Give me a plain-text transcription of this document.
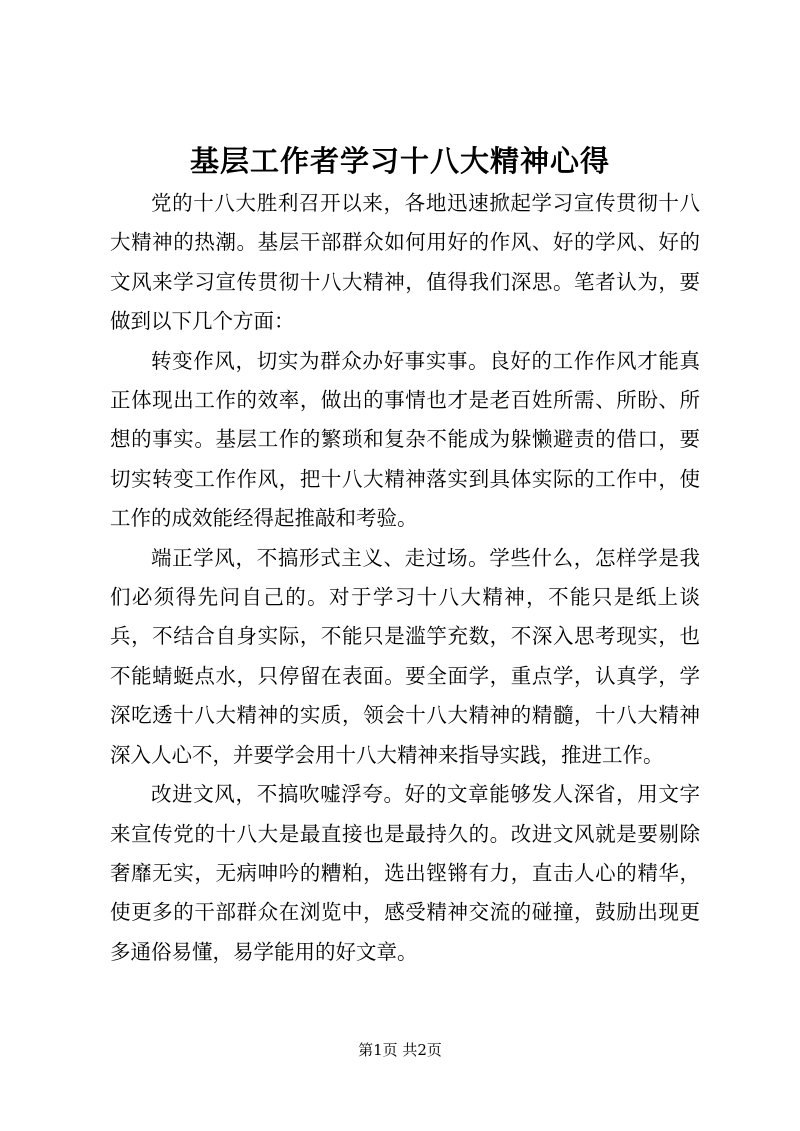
基层工作者学习十八大精神心得

党的十八大胜利召开以来，各地迅速掀起学习宣传贯彻十八大精神的热潮。基层干部群众如何用好的作风、好的学风、好的文风来学习宣传贯彻十八大精神，值得我们深思。笔者认为，要做到以下几个方面：

转变作风，切实为群众办好事实事。良好的工作作风才能真正体现出工作的效率，做出的事情也才是老百姓所需、所盼、所想的事实。基层工作的繁琐和复杂不能成为躲懒避责的借口，要切实转变工作作风，把十八大精神落实到具体实际的工作中，使工作的成效能经得起推敲和考验。

端正学风，不搞形式主义、走过场。学些什么，怎样学是我们必须得先问自己的。对于学习十八大精神，不能只是纸上谈兵，不结合自身实际，不能只是滥竽充数，不深入思考现实，也不能蜻蜓点水，只停留在表面。要全面学，重点学，认真学，学深吃透十八大精神的实质，领会十八大精神的精髓，十八大精神深入人心不，并要学会用十八大精神来指导实践，推进工作。

改进文风，不搞吹嘘浮夸。好的文章能够发人深省，用文字来宣传党的十八大是最直接也是最持久的。改进文风就是要剔除奢靡无实，无病呻吟的糟粕，选出铿锵有力，直击人心的精华，使更多的干部群众在浏览中，感受精神交流的碰撞，鼓励出现更多通俗易懂，易学能用的好文章。

第1页 共2页
